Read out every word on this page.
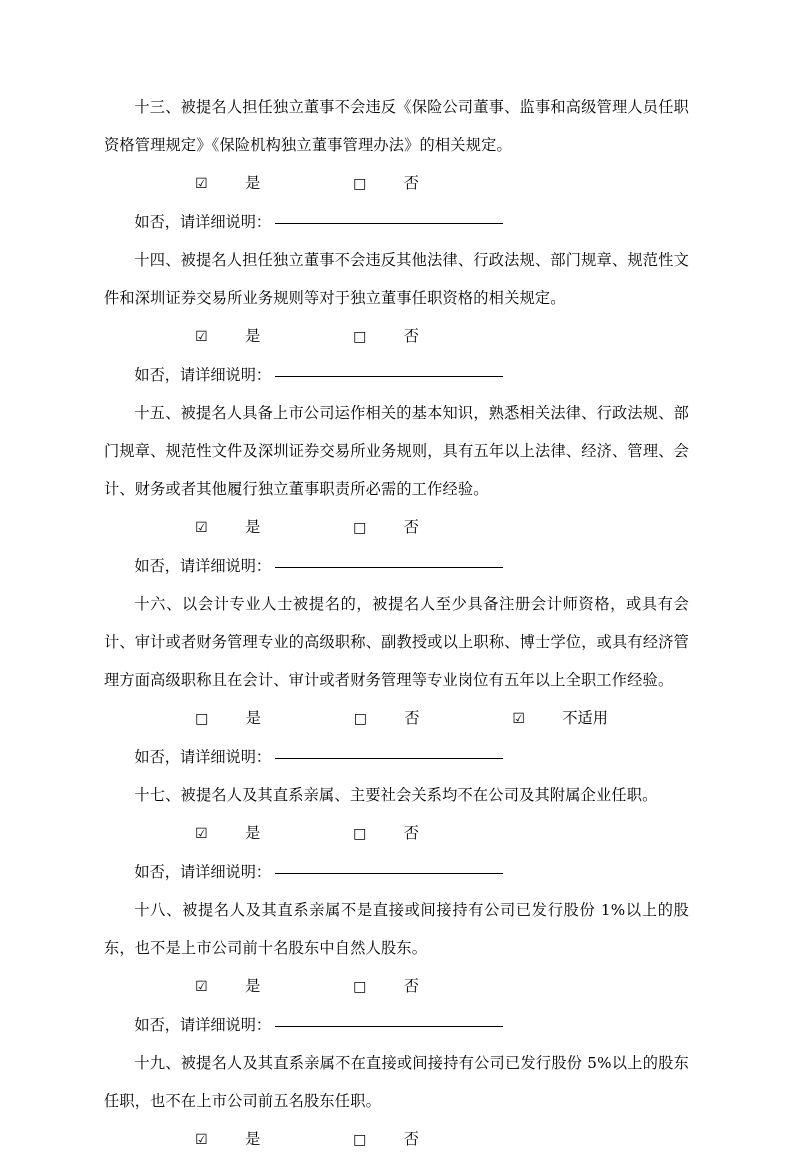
十三、被提名人担任独立董事不会违反《保险公司董事、监事和高级管理人员任职资格管理规定》《保险机构独立董事管理办法》的相关规定。

☑ 是	□ 否
如否，请详细说明：

十四、被提名人担任独立董事不会违反其他法律、行政法规、部门规章、规范性文件和深圳证券交易所业务规则等对于独立董事任职资格的相关规定。

☑ 是	□ 否
如否，请详细说明：

十五、被提名人具备上市公司运作相关的基本知识，熟悉相关法律、行政法规、部门规章、规范性文件及深圳证券交易所业务规则，具有五年以上法律、经济、管理、会计、财务或者其他履行独立董事职责所必需的工作经验。

☑ 是	□ 否
如否，请详细说明：

十六、以会计专业人士被提名的，被提名人至少具备注册会计师资格，或具有会计、审计或者财务管理专业的高级职称、副教授或以上职称、博士学位，或具有经济管理方面高级职称且在会计、审计或者财务管理等专业岗位有五年以上全职工作经验。

□ 是	□ 否	☑ 不适用
如否，请详细说明：

十七、被提名人及其直系亲属、主要社会关系均不在公司及其附属企业任职。

☑ 是	□ 否
如否，请详细说明：

十八、被提名人及其直系亲属不是直接或间接持有公司已发行股份 1%以上的股东，也不是上市公司前十名股东中自然人股东。

☑ 是	□ 否
如否，请详细说明：

十九、被提名人及其直系亲属不在直接或间接持有公司已发行股份 5%以上的股东任职，也不在上市公司前五名股东任职。

☑ 是	□ 否
